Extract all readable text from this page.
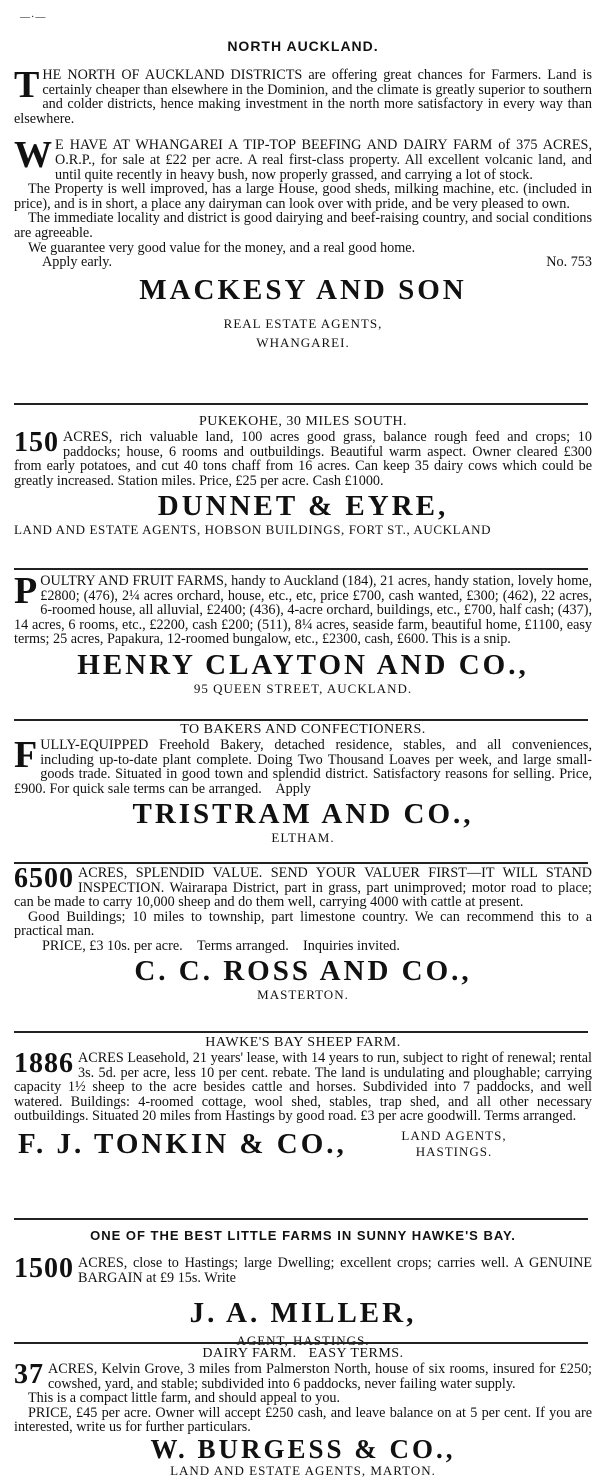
—·—
NORTH AUCKLAND.

THE NORTH OF AUCKLAND DISTRICTS are offering great chances for Farmers. Land is certainly cheaper than elsewhere in the Dominion, and the climate is greatly superior to southern and colder districts, hence making investment in the north more satisfactory in every way than elsewhere.

W E HAVE AT WHANGAREI A TIP-TOP BEEFING AND DAIRY FARM of 375 ACRES, O.R.P., for sale at £22 per acre. A real first-class property. All excellent volcanic land, and until quite recently in heavy bush, now properly grassed, and carrying a lot of stock.

The Property is well improved, has a large House, good sheds, milking machine, etc. (included in price), and is in short, a place any dairyman can look over with pride, and be very pleased to own.

The immediate locality and district is good dairying and beef-raising country, and social conditions are agreeable.

We guarantee very good value for the money, and a real good home.

Apply early.	No. 753

MACKESY AND SON
REAL ESTATE AGENTS,
WHANGAREI.
PUKEKOHE, 30 MILES SOUTH.

150 ACRES, rich valuable land, 100 acres good grass, balance rough feed and crops; 10 paddocks; house, 6 rooms and outbuildings. Beautiful warm aspect. Owner cleared £300 from early potatoes, and cut 40 tons chaff from 16 acres. Can keep 35 dairy cows which could be greatly increased. Station miles. Price, £25 per acre. Cash £1000.

DUNNET & EYRE,
LAND AND ESTATE AGENTS, HOBSON BUILDINGS, FORT ST., AUCKLAND

POULTRY AND FRUIT FARMS, handy to Auckland (184), 21 acres, handy station, lovely home, £2800; (476), 2¼ acres orchard, house, etc., etc, price £700, cash wanted, £300; (462), 22 acres, 6-roomed house, all alluvial, £2400; (436), 4-acre orchard, buildings, etc., £700, half cash; (437), 14 acres, 6 rooms, etc., £2200, cash £200; (511), 8¼ acres, seaside farm, beautiful home, £1100, easy terms; 25 acres, Papakura, 12-roomed bungalow, etc., £2300, cash, £600. This is a snip.

HENRY CLAYTON AND CO.,
95 QUEEN STREET, AUCKLAND.
TO BAKERS AND CONFECTIONERS.

FULLY-EQUIPPED Freehold Bakery, detached residence, stables, and all conveniences, including up-to-date plant complete. Doing Two Thousand Loaves per week, and large small-goods trade. Situated in good town and splendid district. Satisfactory reasons for selling. Price, £900. For quick sale terms can be arranged. Apply

TRISTRAM AND CO.,
ELTHAM.

6500 ACRES, SPLENDID VALUE. SEND YOUR VALUER FIRST—IT WILL STAND INSPECTION. Wairarapa District, part in grass, part unimproved; motor road to place; can be made to carry 10,000 sheep and do them well, carrying 4000 with cattle at present.

Good Buildings; 10 miles to township, part limestone country. We can recommend this to a practical man.

PRICE, £3 10s. per acre. Terms arranged. Inquiries invited.

C. C. ROSS AND CO.,
MASTERTON.
HAWKE'S BAY SHEEP FARM.

1886 ACRES Leasehold, 21 years' lease, with 14 years to run, subject to right of renewal; rental 3s. 5d. per acre, less 10 per cent. rebate. The land is undulating and ploughable; carrying capacity 1½ sheep to the acre besides cattle and horses. Subdivided into 7 paddocks, and well watered. Buildings: 4-roomed cottage, wool shed, stables, trap shed, and all other necessary outbuildings. Situated 20 miles from Hastings by good road. £3 per acre goodwill. Terms arranged.

F. J. TONKIN & CO.,	LAND AGENTS,
HASTINGS.
ONE OF THE BEST LITTLE FARMS IN SUNNY HAWKE'S BAY.

1500 ACRES, close to Hastings; large Dwelling; excellent crops; carries well. A GENUINE BARGAIN at £9 15s. Write

J. A. MILLER,
AGENT, HASTINGS.
DAIRY FARM. EASY TERMS.

37 ACRES, Kelvin Grove, 3 miles from Palmerston North, house of six rooms, insured for £250; cowshed, yard, and stable; subdivided into 6 paddocks, never failing water supply.

This is a compact little farm, and should appeal to you.

PRICE, £45 per acre. Owner will accept £250 cash, and leave balance on at 5 per cent. If you are interested, write us for further particulars.

W. BURGESS & CO.,
LAND AND ESTATE AGENTS, MARTON.
